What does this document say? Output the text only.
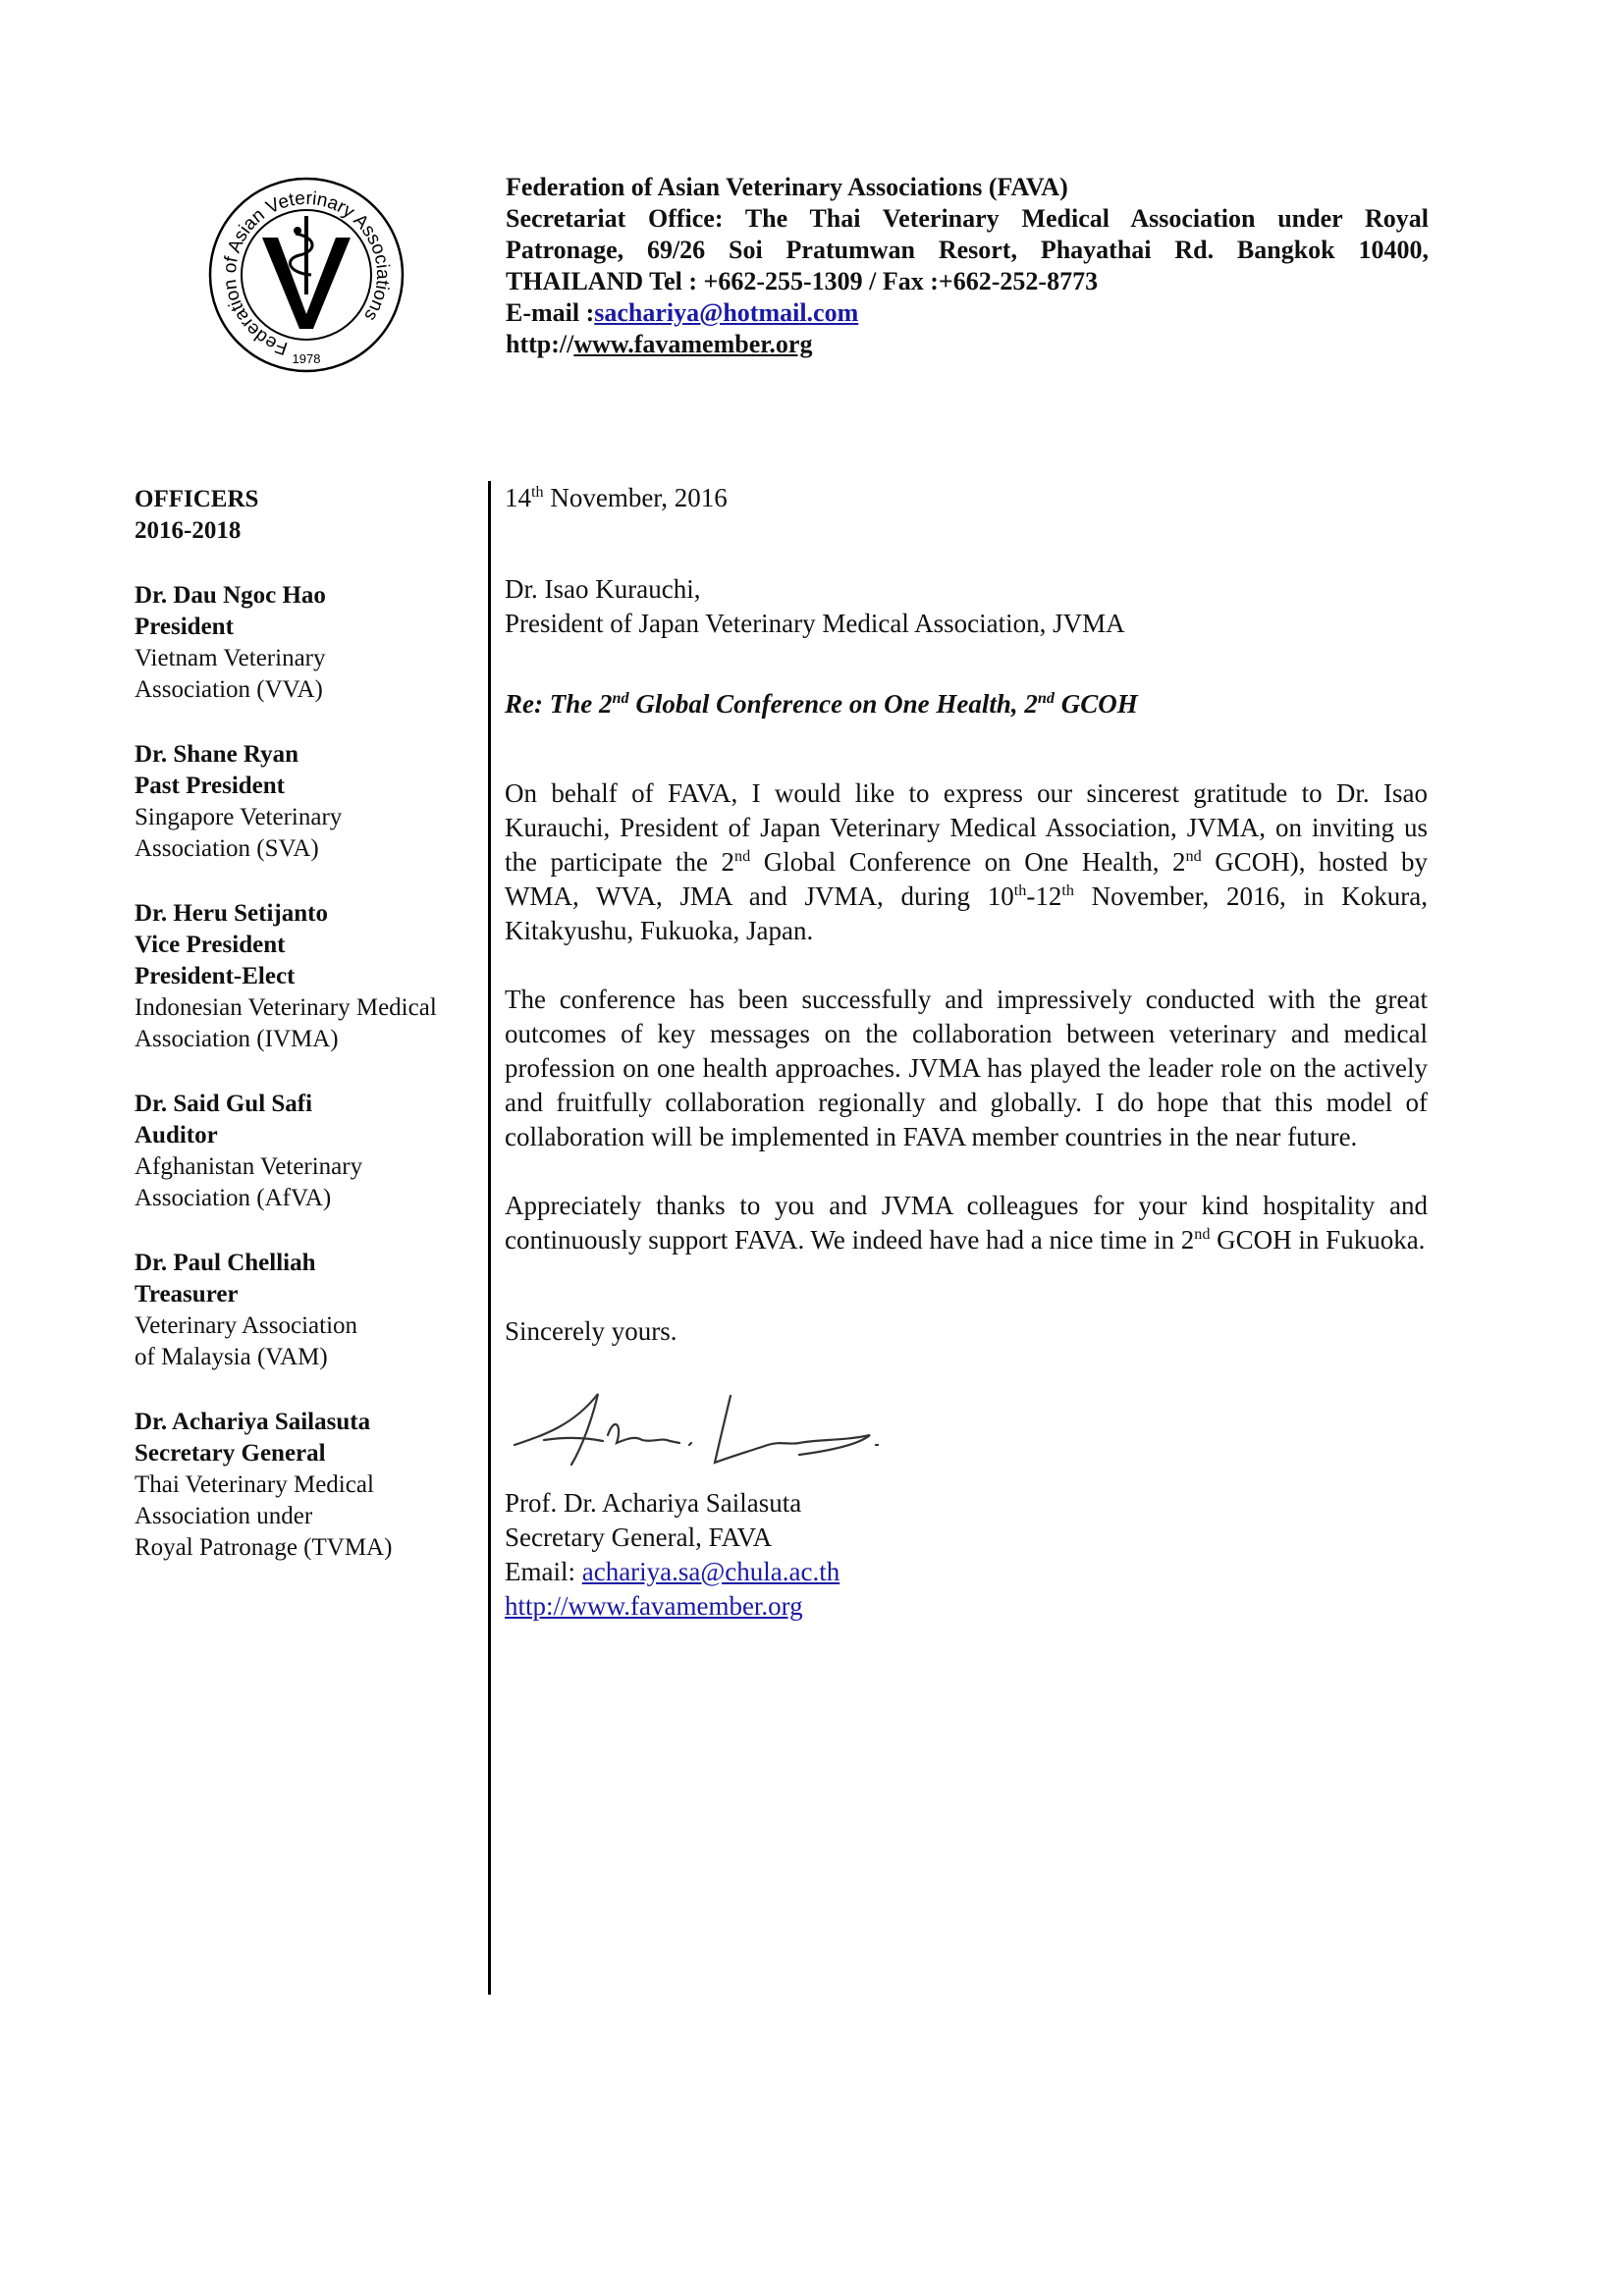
Federation of Asian Veterinary Associations
1978
Federation of Asian Veterinary Associations (FAVA)
Secretariat Office: The Thai Veterinary Medical Association under Royal
Patronage, 69/26 Soi Pratumwan Resort, Phayathai Rd. Bangkok 10400,
THAILAND Tel : +662-255-1309 / Fax :+662-252-8773
E-mail :sachariya@hotmail.com
http://www.favamember.org
OFFICERS
2016-2018
Dr. Dau Ngoc Hao
President
Vietnam Veterinary
Association (VVA)
Dr. Shane Ryan
Past President
Singapore Veterinary
Association (SVA)
Dr. Heru Setijanto
Vice President
President-Elect
Indonesian Veterinary Medical
Association (IVMA)
Dr. Said Gul Safi
Auditor
Afghanistan Veterinary
Association (AfVA)
Dr. Paul Chelliah
Treasurer
Veterinary Association
of Malaysia (VAM)
Dr. Achariya Sailasuta
Secretary General
Thai Veterinary Medical
Association under
Royal Patronage (TVMA)
14th November, 2016
Dr. Isao Kurauchi,
President of Japan Veterinary Medical Association, JVMA
Re: The 2nd Global Conference on One Health, 2nd GCOH
On behalf of FAVA, I would like to express our sincerest gratitude to Dr. Isao Kurauchi, President of Japan Veterinary Medical Association, JVMA, on inviting us the participate the 2nd Global Conference on One Health, 2nd GCOH), hosted by WMA, WVA, JMA and JVMA, during 10th-12th November, 2016, in Kokura, Kitakyushu, Fukuoka, Japan.
The conference has been successfully and impressively conducted with the great outcomes of key messages on the collaboration between veterinary and medical profession on one health approaches. JVMA has played the leader role on the actively and fruitfully collaboration regionally and globally. I do hope that this model of collaboration will be implemented in FAVA member countries in the near future.
Appreciately thanks to you and JVMA colleagues for your kind hospitality and continuously support FAVA. We indeed have had a nice time in 2nd GCOH in Fukuoka.
Sincerely yours.
Prof. Dr. Achariya Sailasuta
Secretary General, FAVA
Email: achariya.sa@chula.ac.th
http://www.favamember.org
